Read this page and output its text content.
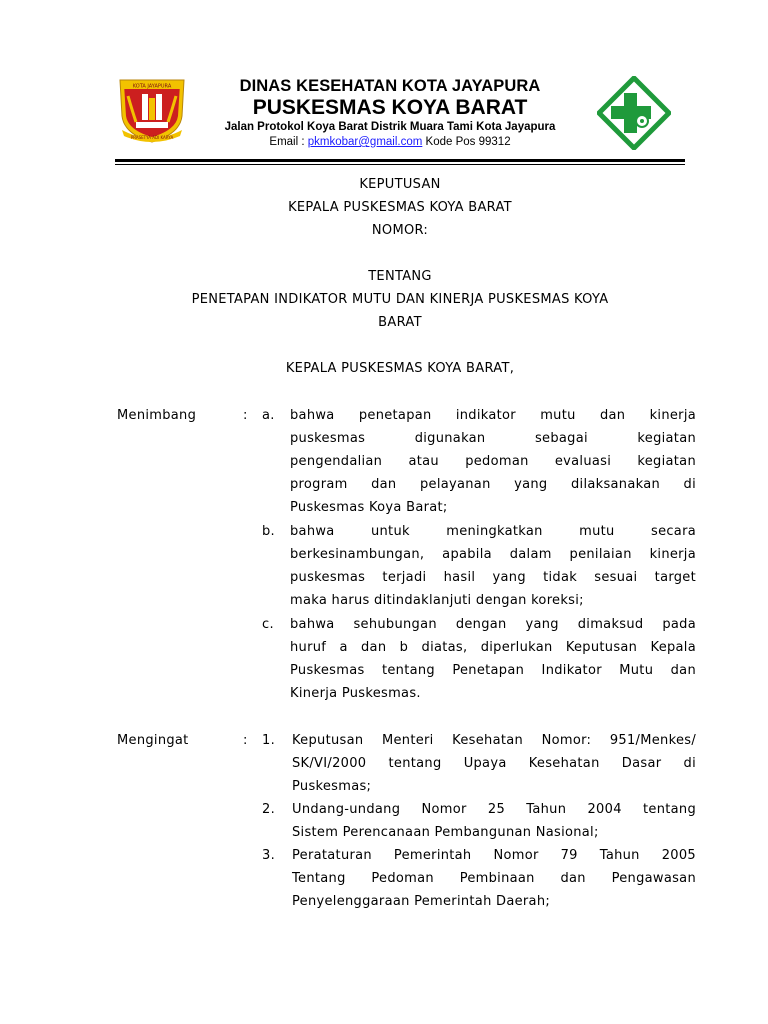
KOTA JAYAPURA
PRASETYA ADI KARYA
DINAS KESEHATAN KOTA JAYAPURA
PUSKESMAS KOYA BARAT
Jalan Protokol Koya Barat Distrik Muara Tami Kota Jayapura
Email : pkmkobar@gmail.com Kode Pos 99312
KEPUTUSAN
KEPALA PUSKESMAS KOYA BARAT
NOMOR:
TENTANG
PENETAPAN INDIKATOR MUTU DAN KINERJA PUSKESMAS KOYA
BARAT
KEPALA PUSKESMAS KOYA BARAT,
Menimbang	: a. bahwa penetapan indikator mutu dan kinerja
puskesmas digunakan sebagai kegiatan
pengendalian atau pedoman evaluasi kegiatan
program dan pelayanan yang dilaksanakan di
Puskesmas Koya Barat;
b. bahwa untuk meningkatkan mutu secara
berkesinambungan, apabila dalam penilaian kinerja
puskesmas terjadi hasil yang tidak sesuai target
maka harus ditindaklanjuti dengan koreksi;
c. bahwa sehubungan dengan yang dimaksud pada
huruf a dan b diatas, diperlukan Keputusan Kepala
Puskesmas tentang Penetapan Indikator Mutu dan
Kinerja Puskesmas.
Mengingat	: 1. Keputusan Menteri Kesehatan Nomor: 951/Menkes/
SK/VI/2000 tentang Upaya Kesehatan Dasar di
Puskesmas;
2. Undang-undang Nomor 25 Tahun 2004 tentang
Sistem Perencanaan Pembangunan Nasional;
3. Perataturan Pemerintah Nomor 79 Tahun 2005
Tentang Pedoman Pembinaan dan Pengawasan
Penyelenggaraan Pemerintah Daerah;
